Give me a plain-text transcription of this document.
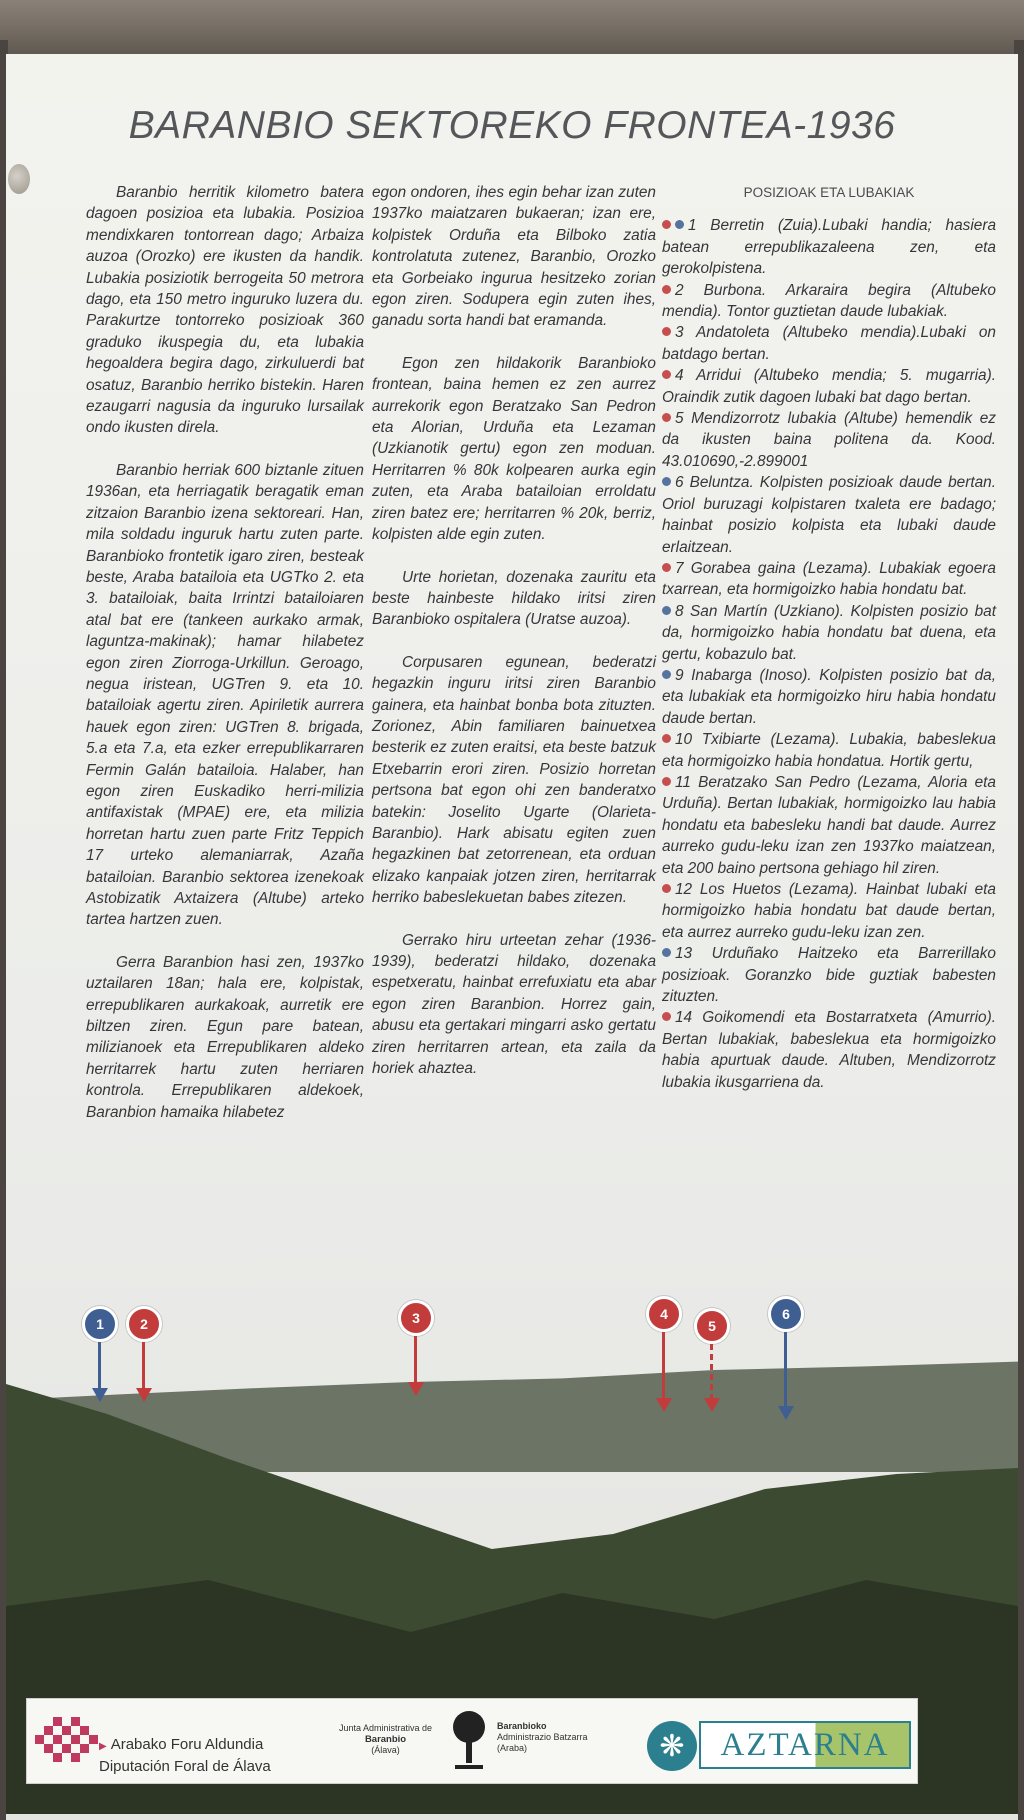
BARANBIO SEKTOREKO FRONTEA-1936

Baranbio herritik kilometro batera dagoen posizioa eta lubakia. Posizioa mendixkaren tontorrean dago; Arbaiza auzoa (Orozko) ere ikusten da handik. Lubakia posiziotik berrogeita 50 metrora dago, eta 150 metro inguruko luzera du. Parakurtze tontorreko posizioak 360 graduko ikuspegia du, eta lubakia hegoaldera begira dago, zirkuluerdi bat osatuz, Baranbio herriko bistekin. Haren ezaugarri nagusia da inguruko lursailak ondo ikusten direla.

Baranbio herriak 600 biztanle zituen 1936an, eta herriagatik beragatik eman zitzaion Baranbio izena sektoreari. Han, mila soldadu inguruk hartu zuten parte. Baranbioko frontetik igaro ziren, besteak beste, Araba batailoia eta UGTko 2. eta 3. batailoiak, baita Irrintzi batailoiaren atal bat ere (tankeen aurkako armak, laguntza-makinak); hamar hilabetez egon ziren Ziorroga-Urkillun. Geroago, negua iristean, UGTren 9. eta 10. batailoiak agertu ziren. Apiriletik aurrera hauek egon ziren: UGTren 8. brigada, 5.a eta 7.a, eta ezker errepublikarraren Fermin Galán batailoia. Halaber, han egon ziren Euskadiko herri-milizia antifaxistak (MPAE) ere, eta milizia horretan hartu zuen parte Fritz Teppich 17 urteko alemaniarrak, Azaña batailoian. Baranbio sektorea izenekoak Astobizatik Axtaizera (Altube) arteko tartea hartzen zuen.

Gerra Baranbion hasi zen, 1937ko uztailaren 18an; hala ere, kolpistak, errepublikaren aurkakoak, aurretik ere biltzen ziren. Egun pare batean, milizianoek eta Errepublikaren aldeko herritarrek hartu zuten herriaren kontrola. Errepublikaren aldekoek, Baranbion hamaika hilabetez

egon ondoren, ihes egin behar izan zuten 1937ko maiatzaren bukaeran; izan ere, kolpistek Orduña eta Bilboko zatia kontrolatuta zutenez, Baranbio, Orozko eta Gorbeiako ingurua hesitzeko zorian egon ziren. Sodupera egin zuten ihes, ganadu sorta handi bat eramanda.

Egon zen hildakorik Baranbioko frontean, baina hemen ez zen aurrez aurrekorik egon Beratzako San Pedron eta Alorian, Urduña eta Lezaman (Uzkianotik gertu) egon zen moduan. Herritarren % 80k kolpearen aurka egin zuten, eta Araba batailoian erroldatu ziren batez ere; herritarren % 20k, berriz, kolpisten alde egin zuten.

Urte horietan, dozenaka zauritu eta beste hainbeste hildako iritsi ziren Baranbioko ospitalera (Uratse auzoa).

Corpusaren egunean, bederatzi hegazkin inguru iritsi ziren Baranbio gainera, eta hainbat bonba bota zituzten. Zorionez, Abin familiaren bainuetxea besterik ez zuten eraitsi, eta beste batzuk Etxebarrin erori ziren. Posizio horretan pertsona bat egon ohi zen banderatxo batekin: Joselito Ugarte (Olarieta-Baranbio). Hark abisatu egiten zuen hegazkinen bat zetorrenean, eta orduan elizako kanpaiak jotzen ziren, herritarrak herriko babeslekuetan babes zitezen.

Gerrako hiru urteetan zehar (1936-1939), bederatzi hildako, dozenaka espetxeratu, hainbat errefuxiatu eta abar egon ziren Baranbion. Horrez gain, abusu eta gertakari mingarri asko gertatu ziren herritarren artean, eta zaila da horiek ahaztea.

POSIZIOAK ETA LUBAKIAK
1 Berretin (Zuia).Lubaki handia; hasiera batean errepublikazaleena zen, eta gerokolpistena.
2 Burbona. Arkaraira begira (Altubeko mendia). Tontor guztietan daude lubakiak.
3 Andatoleta (Altubeko mendia).Lubaki on batdago bertan.
4 Arridui (Altubeko mendia; 5. mugarria). Oraindik zutik dagoen lubaki bat dago bertan.
5 Mendizorrotz lubakia (Altube) hemendik ez da ikusten baina politena da. Kood. 43.010690,-2.899001
6 Beluntza. Kolpisten posizioak daude bertan. Oriol buruzagi kolpistaren txaleta ere badago; hainbat posizio kolpista eta lubaki daude erlaitzean.
7 Gorabea gaina (Lezama). Lubakiak egoera txarrean, eta hormigoizko habia hondatu bat.
8 San Martín (Uzkiano). Kolpisten posizio bat da, hormigoizko habia hondatu bat duena, eta gertu, kobazulo bat.
9 Inabarga (Inoso). Kolpisten posizio bat da, eta lubakiak eta hormigoizko hiru habia hondatu daude bertan.
10 Txibiarte (Lezama). Lubakia, babeslekua eta hormigoizko habia hondatua. Hortik gertu,
11 Beratzako San Pedro (Lezama, Aloria eta Urduña). Bertan lubakiak, hormigoizko lau habia hondatu eta babesleku handi bat daude. Aurrez aurreko gudu-leku izan zen 1937ko maiatzean, eta 200 baino pertsona gehiago hil ziren.
12 Los Huetos (Lezama). Hainbat lubaki eta hormigoizko habia hondatu bat daude bertan, eta aurrez aurreko gudu-leku izan zen.
13 Urduñako Haitzeko eta Barrerillako posizioak. Goranzko bide guztiak babesten zituzten.
14 Goikomendi eta Bostarratxeta (Amurrio). Bertan lubakiak, babeslekua eta hormigoizko habia apurtuak daude. Altuben, Mendizorrotz lubakia ikusgarriena da.
1	2	3	4
5
6
▶ Arabako Foru Aldundia
Diputación Foral de Álava
Junta Administrativa de
Baranbio
(Álava)
Baranbioko
Administrazio Batzarra
(Araba)	❋	AZTARNA
